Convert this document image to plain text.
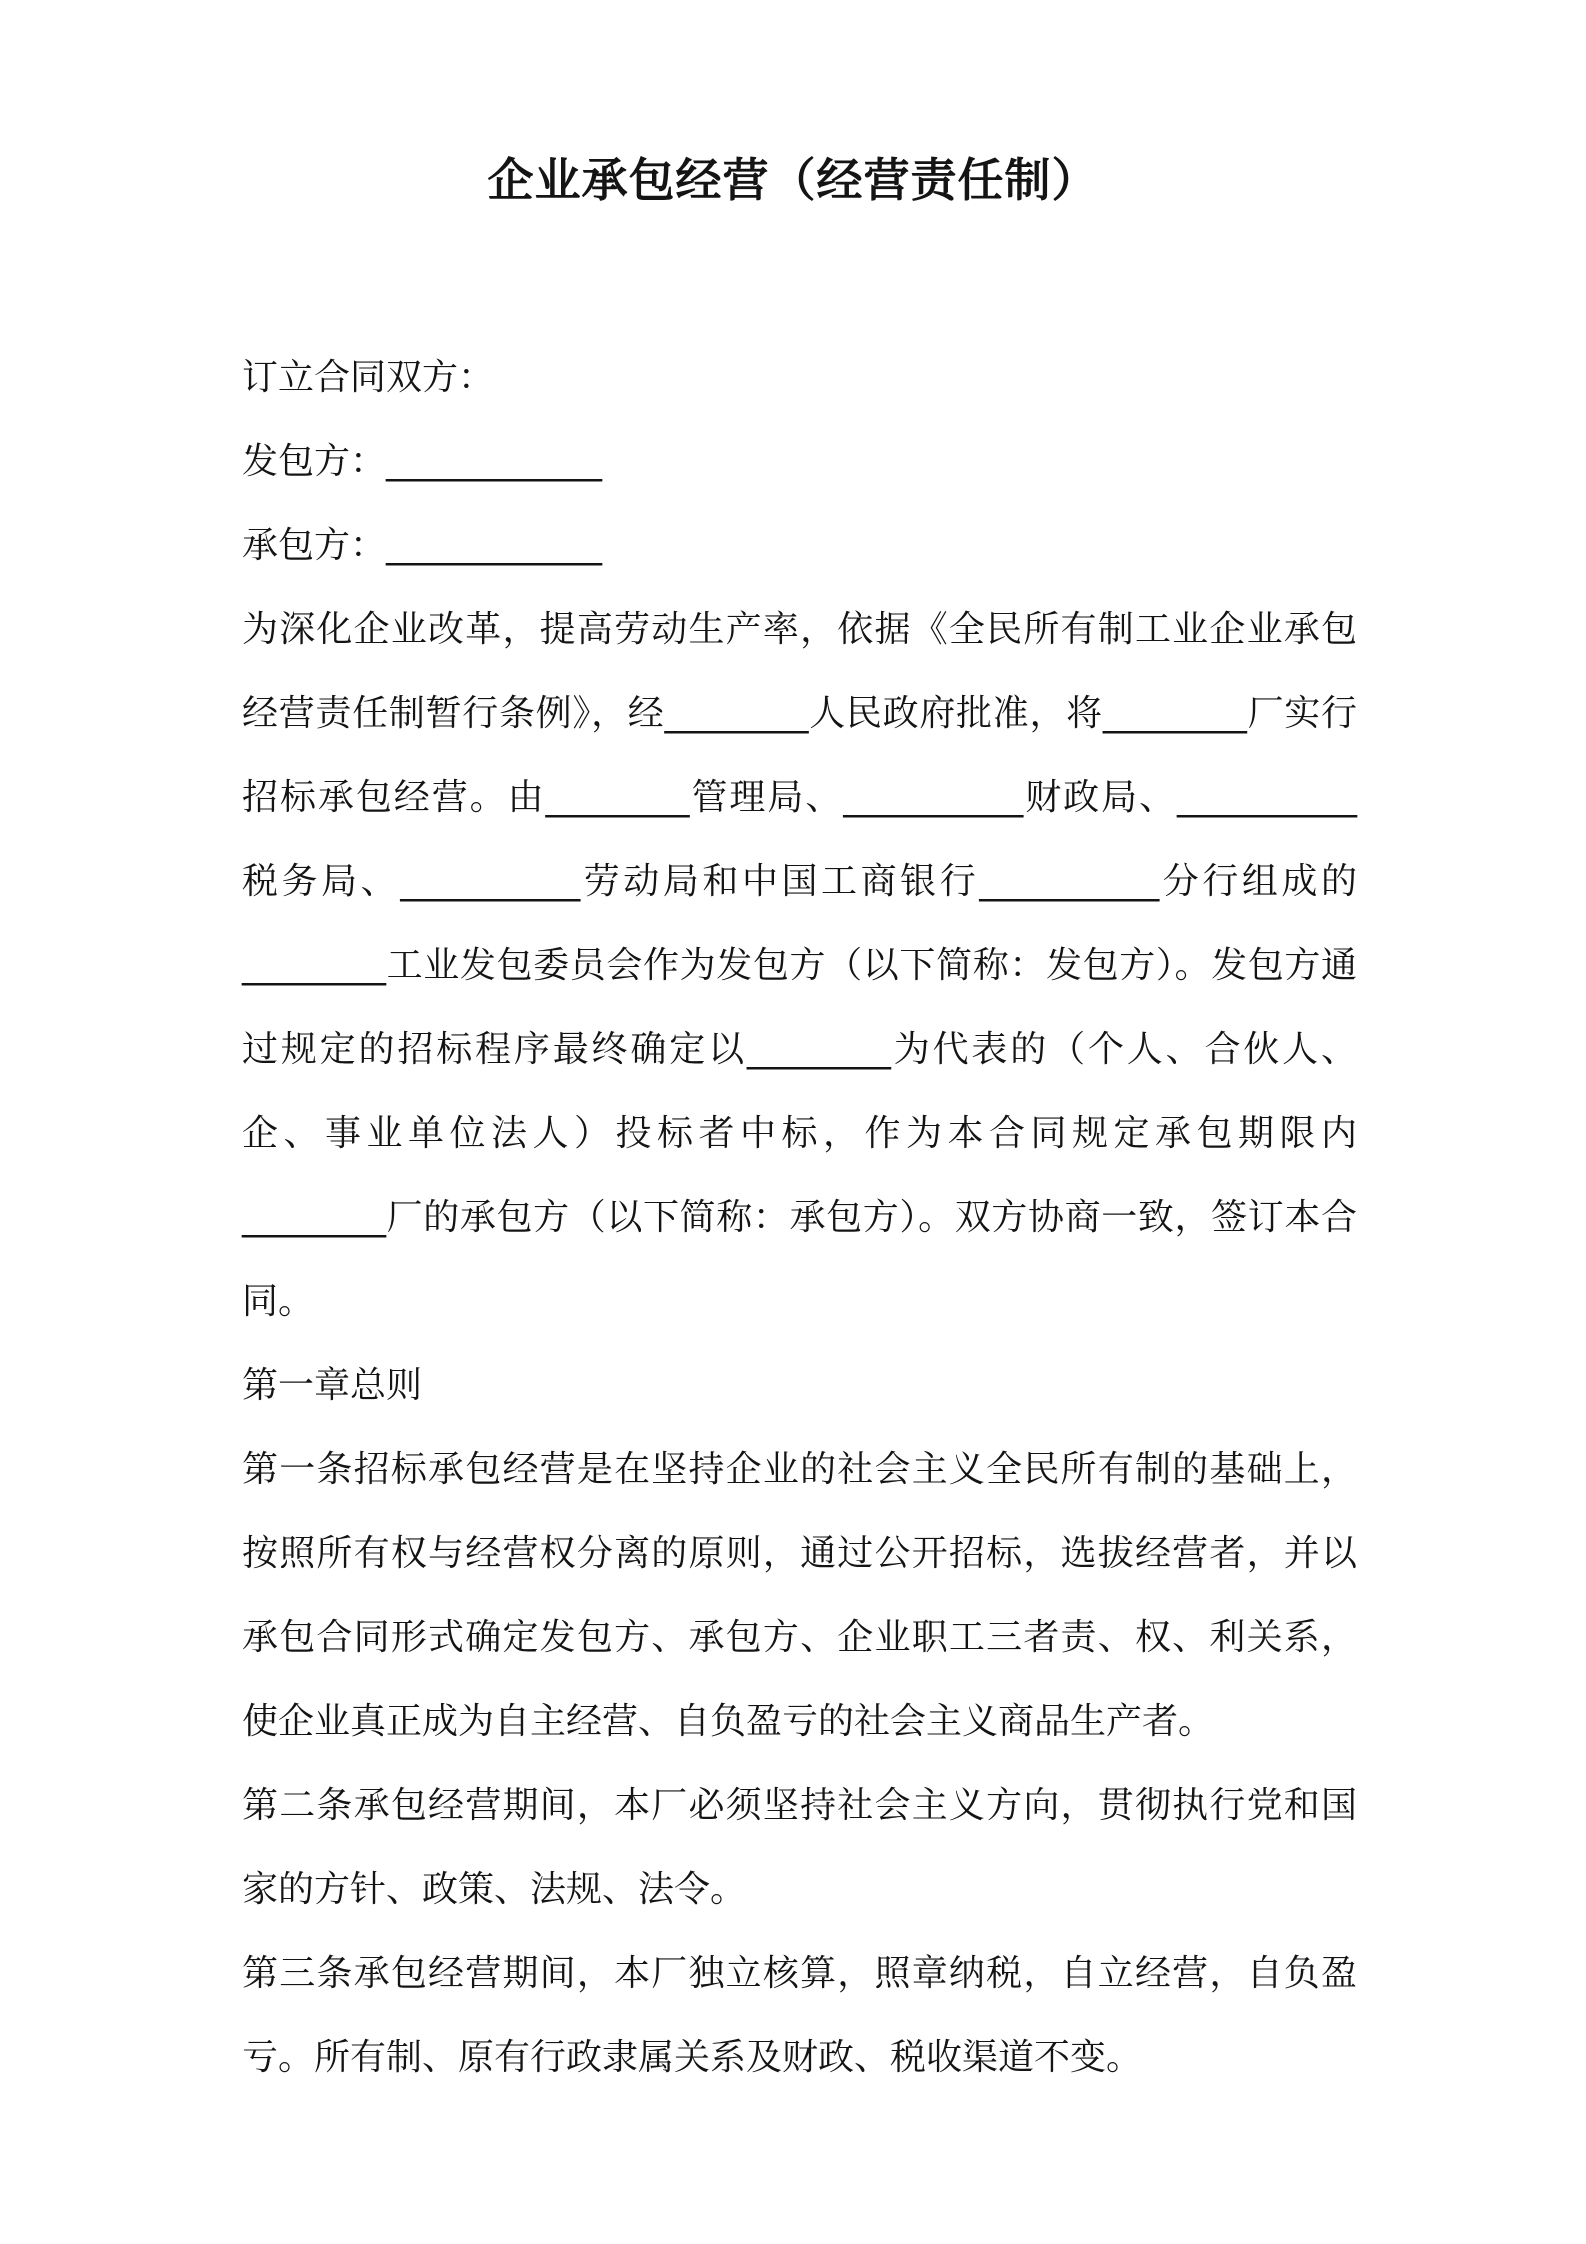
企业承包经营（经营责任制）

订立合同双方：

发包方：____________

承包方：____________

为深化企业改革，提高劳动生产率，依据《全民所有制工业企业承包经营责任制暂行条例》，经________人民政府批准，将________厂实行招标承包经营。由________管理局、__________财政局、__________税务局、__________劳动局和中国工商银行__________分行组成的________工业发包委员会作为发包方（以下简称：发包方）。发包方通过规定的招标程序最终确定以________为代表的（个人、合伙人、企、事业单位法人）投标者中标，作为本合同规定承包期限内________厂的承包方（以下简称：承包方）。双方协商一致，签订本合同。

第一章总则

第一条招标承包经营是在坚持企业的社会主义全民所有制的基础上，按照所有权与经营权分离的原则，通过公开招标，选拔经营者，并以承包合同形式确定发包方、承包方、企业职工三者责、权、利关系，使企业真正成为自主经营、自负盈亏的社会主义商品生产者。

第二条承包经营期间，本厂必须坚持社会主义方向，贯彻执行党和国家的方针、政策、法规、法令。

第三条承包经营期间，本厂独立核算，照章纳税，自立经营，自负盈亏。所有制、原有行政隶属关系及财政、税收渠道不变。
